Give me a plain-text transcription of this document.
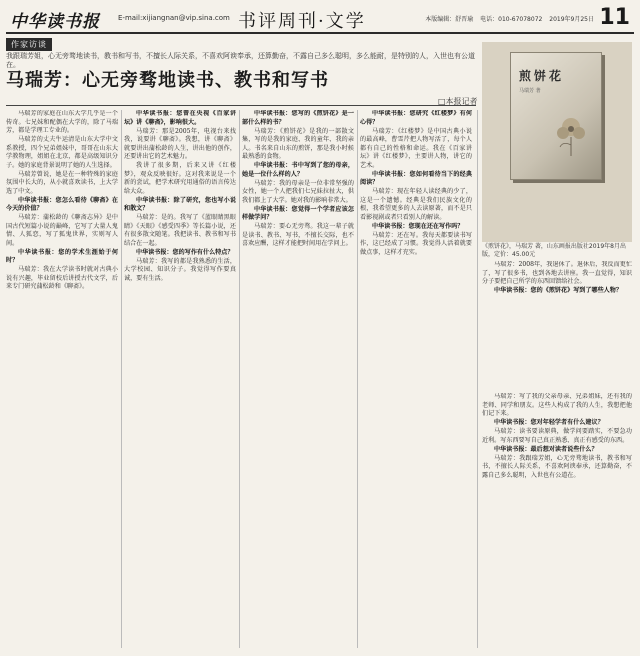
中华读书报	E-mail:xijiangnan@vip.sina.com 书评周刊·文学	本版编辑：舒晋瑜 电话：010-67078072 2019年9月25日 11
作家访谈
我跟瑞芳姐，心无旁骛地读书，教书和写书，不擅长人际关系，不喜欢阿谀奉承，还算勤奋，不露自己多么聪明，多么能耐，是特别的人，入世也有公道在。
马瑞芳：心无旁骛地读书、教书和写书
□本报记者

马瑞芳的家庭在山东大学几乎是一个传奇。七兄妹和配偶在大学的，除了马瑞芳，都是学理工专业的。

马瑞芳的丈夫牛运清是山东大学中文系教授，四个兄弟姐妹中，哥哥在山东大学教物理，姐姐在北京，都是高级知识分子。她的家庭背景说明了她的人生选择。

马瑞芳曾说，她是在一种特殊的家庭氛围中长大的，从小就喜欢读书，上大学选了中文。

中华读书报：您怎么看待《聊斋》在今天的价值？

马瑞芳：蒲松龄的《聊斋志异》是中国古代短篇小说的巅峰，它写了大量人鬼情、人狐恋，写了狐鬼世界，实则写人间。

中华读书报：您的学术生涯始于何时？

马瑞芳：我在大学读书时就对古典小说有兴趣，毕业留校后讲授古代文学，后来专门研究蒲松龄和《聊斋》。

中华读书报：您曾在央视《百家讲坛》讲《聊斋》，影响很大。

马瑞芳：那是2005年，电视台来找我，说要讲《聊斋》。我想，讲《聊斋》就要讲出蒲松龄的人生，讲出他的创作，还要讲出它的艺术魅力。

我讲了很多期，后来又讲《红楼梦》，观众反映很好。这对我来说是一个新的尝试，把学术研究用通俗的语言传达给大众。

中华读书报：除了研究，您也写小说和散文？

马瑞芳：是的。我写了《蓝眼睛黑眼睛》《天眼》《感受四季》等长篇小说，还有很多散文随笔。我把读书、教书和写书结合在一起。

中华读书报：您的写作有什么特点？

马瑞芳：我写的都是我熟悉的生活，大学校园、知识分子。我觉得写作要真诚，要有生活。

中华读书报：您写的《煎饼花》是一部什么样的书？

马瑞芳：《煎饼花》是我的一部散文集，写的是我的家庭、我的童年、我的亲人。书名来自山东的煎饼，那是我小时候最熟悉的食物。

中华读书报：书中写到了您的母亲，她是一位什么样的人？

马瑞芳：我的母亲是一位非常坚强的女性，她一个人把我们七兄妹拉扯大，供我们都上了大学。她对我的影响非常大。

中华读书报：您觉得一个学者应该怎样做学问？

马瑞芳：要心无旁骛。我这一辈子就是读书、教书、写书，不擅长交际，也不喜欢应酬，这样才能把时间用在学问上。

中华读书报：您研究《红楼梦》有何心得？

马瑞芳：《红楼梦》是中国古典小说的最高峰，曹雪芹把人物写活了，每个人都有自己的性格和命运。我在《百家讲坛》讲《红楼梦》，主要讲人物，讲它的艺术。

中华读书报：您如何看待当下的经典阅读？

马瑞芳：现在年轻人读经典的少了，这是一个遗憾。经典是我们民族文化的根，我希望更多的人去读原著，而不是只看影视剧或者只看别人的解读。

中华读书报：您现在还在写作吗？

马瑞芳：还在写。我每天都要读书写作，这已经成了习惯。我觉得人活着就要做点事，这样才充实。

煎饼花
马瑞芳 著
《煎饼花》，马瑞芳 著，山东画报出版社2019年8月出版，定价：45.00元

马瑞芳：2008年，我退休了。退休后，我反而更忙了，写了很多书，也到各地去讲座。我一直觉得，知识分子要把自己所学的东西回馈给社会。

中华读书报：您的《煎饼花》写到了哪些人物？

马瑞芳：写了我的父亲母亲、兄弟姐妹，还有我的老师、同学和朋友。这些人构成了我的人生，我想把他们记下来。

中华读书报：您对年轻学者有什么建议？

马瑞芳：读书要读原典，做学问要踏实，不要急功近利。写东西要写自己真正熟悉、真正有感受的东西。

中华读书报：最后想对读者说些什么？

马瑞芳：我跟瑞芳姐，心无旁骛地读书，教书和写书，不擅长人际关系，不喜欢阿谀奉承，还算勤奋，不露自己多么聪明，入世也有公道在。
